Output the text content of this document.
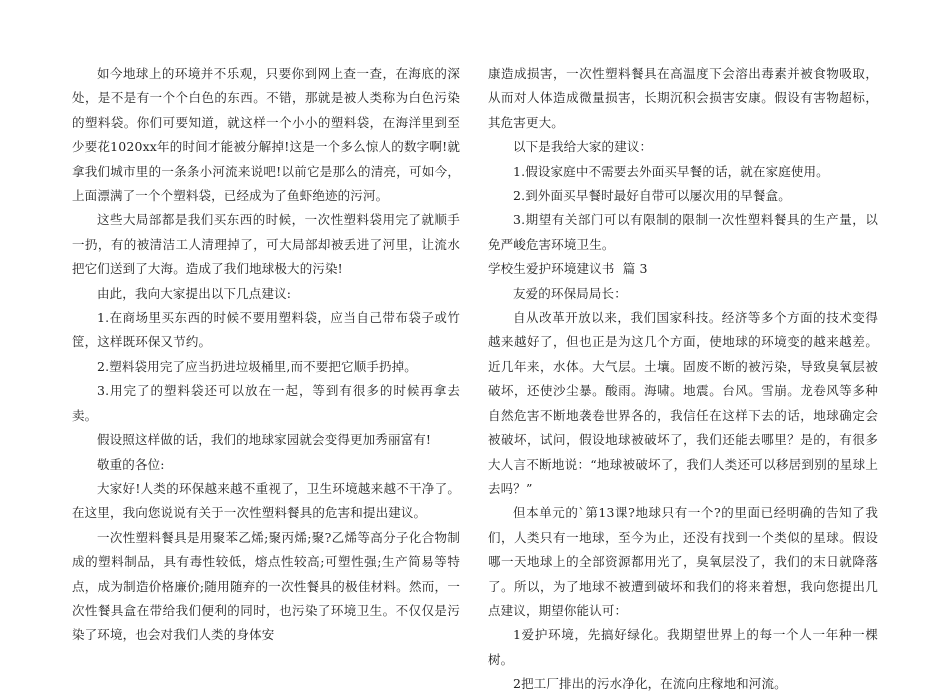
如今地球上的环境并不乐观，只要你到网上查一查，在海底的深处，是不是有一个个白色的东西。不错，那就是被人类称为白色污染的塑料袋。你们可要知道，就这样一个小小的塑料袋，在海洋里到至少要花1020xx年的时间才能被分解掉!这是一个多么惊人的数字啊!就拿我们城市里的一条条小河流来说吧!以前它是那么的清亮，可如今，上面漂满了一个个塑料袋，已经成为了鱼虾绝迹的污河。

这些大局部都是我们买东西的时候，一次性塑料袋用完了就顺手一扔，有的被清洁工人清理掉了，可大局部却被丢进了河里，让流水把它们送到了大海。造成了我们地球极大的污染!

由此，我向大家提出以下几点建议:

1.在商场里买东西的时候不要用塑料袋，应当自己带布袋子或竹筐，这样既环保又节约。

2.塑料袋用完了应当扔进垃圾桶里,而不要把它顺手扔掉。

3.用完了的塑料袋还可以放在一起，等到有很多的时候再拿去卖。

假设照这样做的话，我们的地球家园就会变得更加秀丽富有!

敬重的各位:

大家好!人类的环保越来越不重视了，卫生环境越来越不干净了。在这里，我向您说说有关于一次性塑料餐具的危害和提出建议。

一次性塑料餐具是用聚苯乙烯;聚丙烯;聚?乙烯等高分子化合物制成的塑料制品，具有毒性较低，熔点性较高;可塑性强;生产简易等特点，成为制造价格廉价;随用随弃的一次性餐具的极佳材料。然而，一次性餐具盒在带给我们便利的同时，也污染了环境卫生。不仅仅是污染了环境，也会对我们人类的身体安

康造成损害，一次性塑料餐具在高温度下会溶出毒素并被食物吸取，从而对人体造成微量损害，长期沉积会损害安康。假设有害物超标，其危害更大。

以下是我给大家的建议：

1.假设家庭中不需要去外面买早餐的话，就在家庭使用。

2.到外面买早餐时最好自带可以屡次用的早餐盒。

3.期望有关部门可以有限制的限制一次性塑料餐具的生产量，以免严峻危害环境卫生。

学校生爱护环境建议书  篇 3

友爱的环保局局长：

自从改革开放以来，我们国家科技。经济等多个方面的技术变得越来越好了，但也正是为这几个方面，使地球的环境变的越来越差。近几年来，水体。大气层。土壤。固废不断的被污染，导致臭氧层被破坏，还使沙尘暴。酸雨。海啸。地震。台风。雪崩。龙卷风等多种自然危害不断地袭卷世界各的，我信任在这样下去的话，地球确定会被破坏，试问，假设地球被破坏了，我们还能去哪里？是的，有很多大人言不断地说：“地球被破坏了，我们人类还可以移居到别的星球上去吗？”

但本单元的`第13课?地球只有一个?的里面已经明确的告知了我们，人类只有一地球，至今为止，还没有找到一个类似的星球。假设哪一天地球上的全部资源都用光了，臭氧层没了，我们的末日就降落了。所以，为了地球不被遭到破坏和我们的将来着想，我向您提出几点建议，期望你能认可：

1爱护环境，先搞好绿化。我期望世界上的每一个人一年种一棵树。

2把工厂排出的污水净化，在流向庄稼地和河流。
